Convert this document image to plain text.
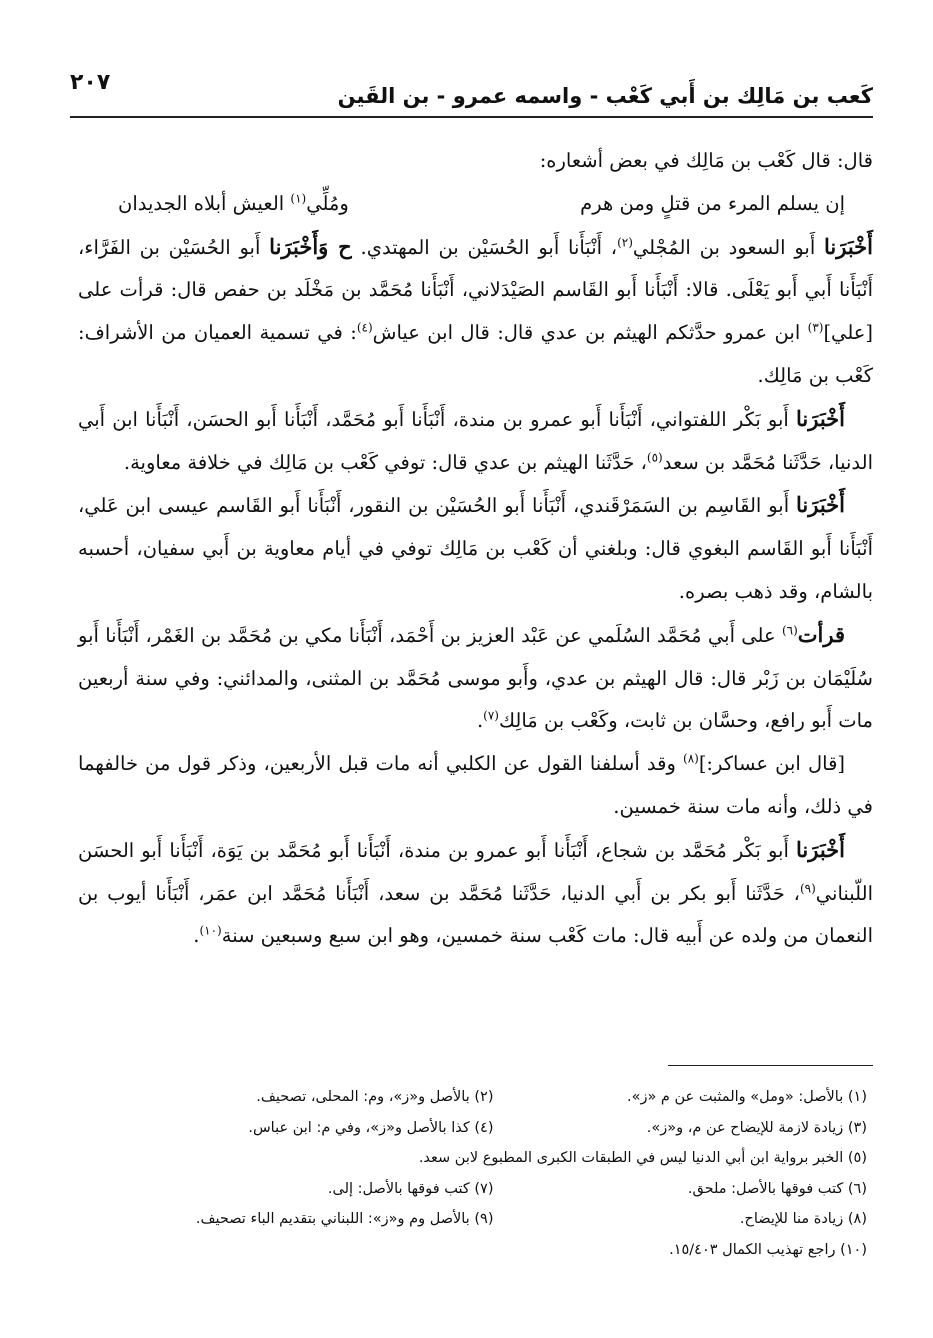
كَعب بن مَالِك بن أَبي كَعْب - واسمه عمرو - بن القَين
٢٠٧

قال: قال كَعْب بن مَالِك في بعض أشعاره:

إن يسلم المرء من قتلٍ ومن هرم
ومُلِّي$^{(١)}$ العيش أبلاه الجديدان

أَخْبَرَنا أَبو السعود بن المُجْلي$^{(٢)}$، أَنْبَأَنا أَبو الحُسَيْن بن المهتدي. ح وَأَخْبَرَنا أَبو الحُسَيْن بن الفَرَّاء، أَنْبَأَنا أَبي أَبو يَعْلَى. قالا: أَنْبَأَنا أَبو القَاسم الصَيْدَلاني، أَنْبَأَنا مُحَمَّد بن مَخْلَد بن حفص قال: قرأت على [علي]$^{(٣)}$ ابن عمرو حدَّثكم الهيثم بن عدي قال: قال ابن عياش$^{(٤)}$: في تسمية العميان من الأشراف: كَعْب بن مَالِك.

أَخْبَرَنا أَبو بَكْر اللفتواني، أَنْبَأَنا أَبو عمرو بن مندة، أَنْبَأَنا أَبو مُحَمَّد، أَنْبَأَنا أَبو الحسَن، أَنْبَأَنا ابن أَبي الدنيا، حَدَّثَنا مُحَمَّد بن سعد$^{(٥)}$، حَدَّثَنا الهيثم بن عدي قال: توفي كَعْب بن مَالِك في خلافة معاوية.

أَخْبَرَنا أَبو القَاسِم بن السَمَرْقَندي، أَنْبَأَنا أَبو الحُسَيْن بن النقور، أَنْبَأَنا أَبو القَاسم عيسى ابن عَلي، أَنْبَأَنا أَبو القَاسم البغوي قال: وبلغني أن كَعْب بن مَالِك توفي في أيام معاوية بن أَبي سفيان، أحسبه بالشام، وقد ذهب بصره.

قرأت$^{(٦)}$ على أَبي مُحَمَّد السُلَمي عن عَبْد العزيز بن أَحْمَد، أَنْبَأَنا مكي بن مُحَمَّد بن الغَمْر، أَنْبَأَنا أَبو سُلَيْمَان بن زَبْر قال: قال الهيثم بن عدي، وأَبو موسى مُحَمَّد بن المثنى، والمدائني: وفي سنة أربعين مات أَبو رافع، وحسَّان بن ثابت، وكَعْب بن مَالِك$^{(٧)}$.

[قال ابن عساكر:]$^{(٨)}$ وقد أسلفنا القول عن الكلبي أنه مات قبل الأربعين، وذكر قول من خالفهما في ذلك، وأنه مات سنة خمسين.

أَخْبَرَنا أَبو بَكْر مُحَمَّد بن شجاع، أَنْبَأَنا أَبو عمرو بن مندة، أَنْبَأَنا أَبو مُحَمَّد بن يَوَة، أَنْبَأَنا أَبو الحسَن اللّبناني$^{(٩)}$، حَدَّثَنا أَبو بكر بن أَبي الدنيا، حَدَّثَنا مُحَمَّد بن سعد، أَنْبَأَنا مُحَمَّد ابن عمَر، أَنْبَأَنا أيوب بن النعمان من ولده عن أَبيه قال: مات كَعْب سنة خمسين، وهو ابن سبع وسبعين سنة$^{(١٠)}$.

(١) بالأصل: «ومل» والمثبت عن م «ز».
(٢) بالأصل و«ز»، وم: المحلى، تصحيف.
(٣) زيادة لازمة للإيضاح عن م، و«ز».
(٤) كذا بالأصل و«ز»، وفي م: ابن عباس.
(٥) الخبر برواية ابن أبي الدنيا ليس في الطبقات الكبرى المطبوع لابن سعد.
(٦) كتب فوقها بالأصل: ملحق.
(٧) كتب فوقها بالأصل: إلى.
(٨) زيادة منا للإيضاح.
(٩) بالأصل وم و«ز»: اللبناني بتقديم الباء تصحيف.
(١٠) راجع تهذيب الكمال ١٥/٤٠٣.
